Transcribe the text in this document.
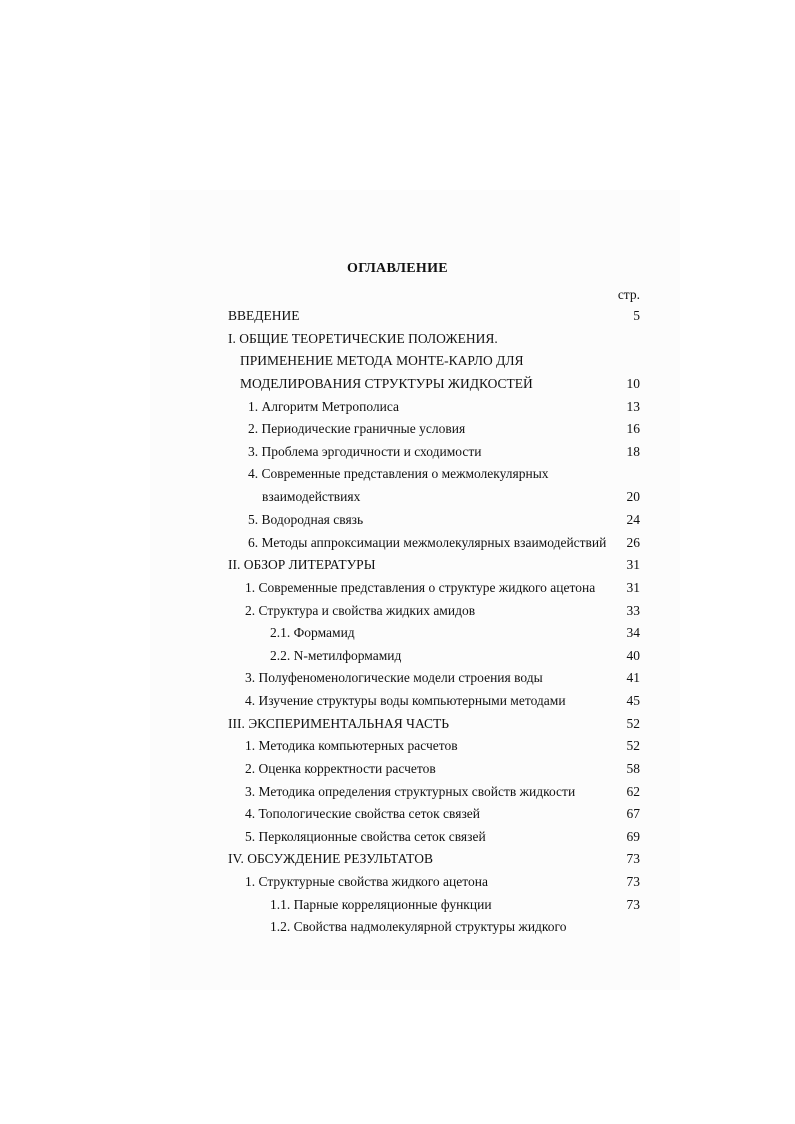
ОГЛАВЛЕНИЕ
стр.
ВВЕДЕНИЕ	5
I. ОБЩИЕ ТЕОРЕТИЧЕСКИЕ ПОЛОЖЕНИЯ.
ПРИМЕНЕНИЕ МЕТОДА МОНТЕ-КАРЛО ДЛЯ
МОДЕЛИРОВАНИЯ СТРУКТУРЫ ЖИДКОСТЕЙ	10
1. Алгоритм Метрополиса	13
2. Периодические граничные условия	16
3. Проблема эргодичности и сходимости	18
4. Современные представления о межмолекулярных
взаимодействиях	20
5. Водородная связь	24
6. Методы аппроксимации межмолекулярных взаимодействий 26
II. ОБЗОР ЛИТЕРАТУРЫ	31
1. Современные представления о структуре жидкого ацетона 31
2. Структура и свойства жидких амидов	33
2.1. Формамид	34
2.2. N-метилформамид	40
3. Полуфеноменологические модели строения воды	41
4. Изучение структуры воды компьютерными методами	45
III. ЭКСПЕРИМЕНТАЛЬНАЯ ЧАСТЬ	52
1. Методика компьютерных расчетов	52
2. Оценка корректности расчетов	58
3. Методика определения структурных свойств жидкости	62
4. Топологические свойства сеток связей	67
5. Перколяционные свойства сеток связей	69
IV. ОБСУЖДЕНИЕ РЕЗУЛЬТАТОВ	73
1. Структурные свойства жидкого ацетона	73
1.1. Парные корреляционные функции	73
1.2. Свойства надмолекулярной структуры жидкого
